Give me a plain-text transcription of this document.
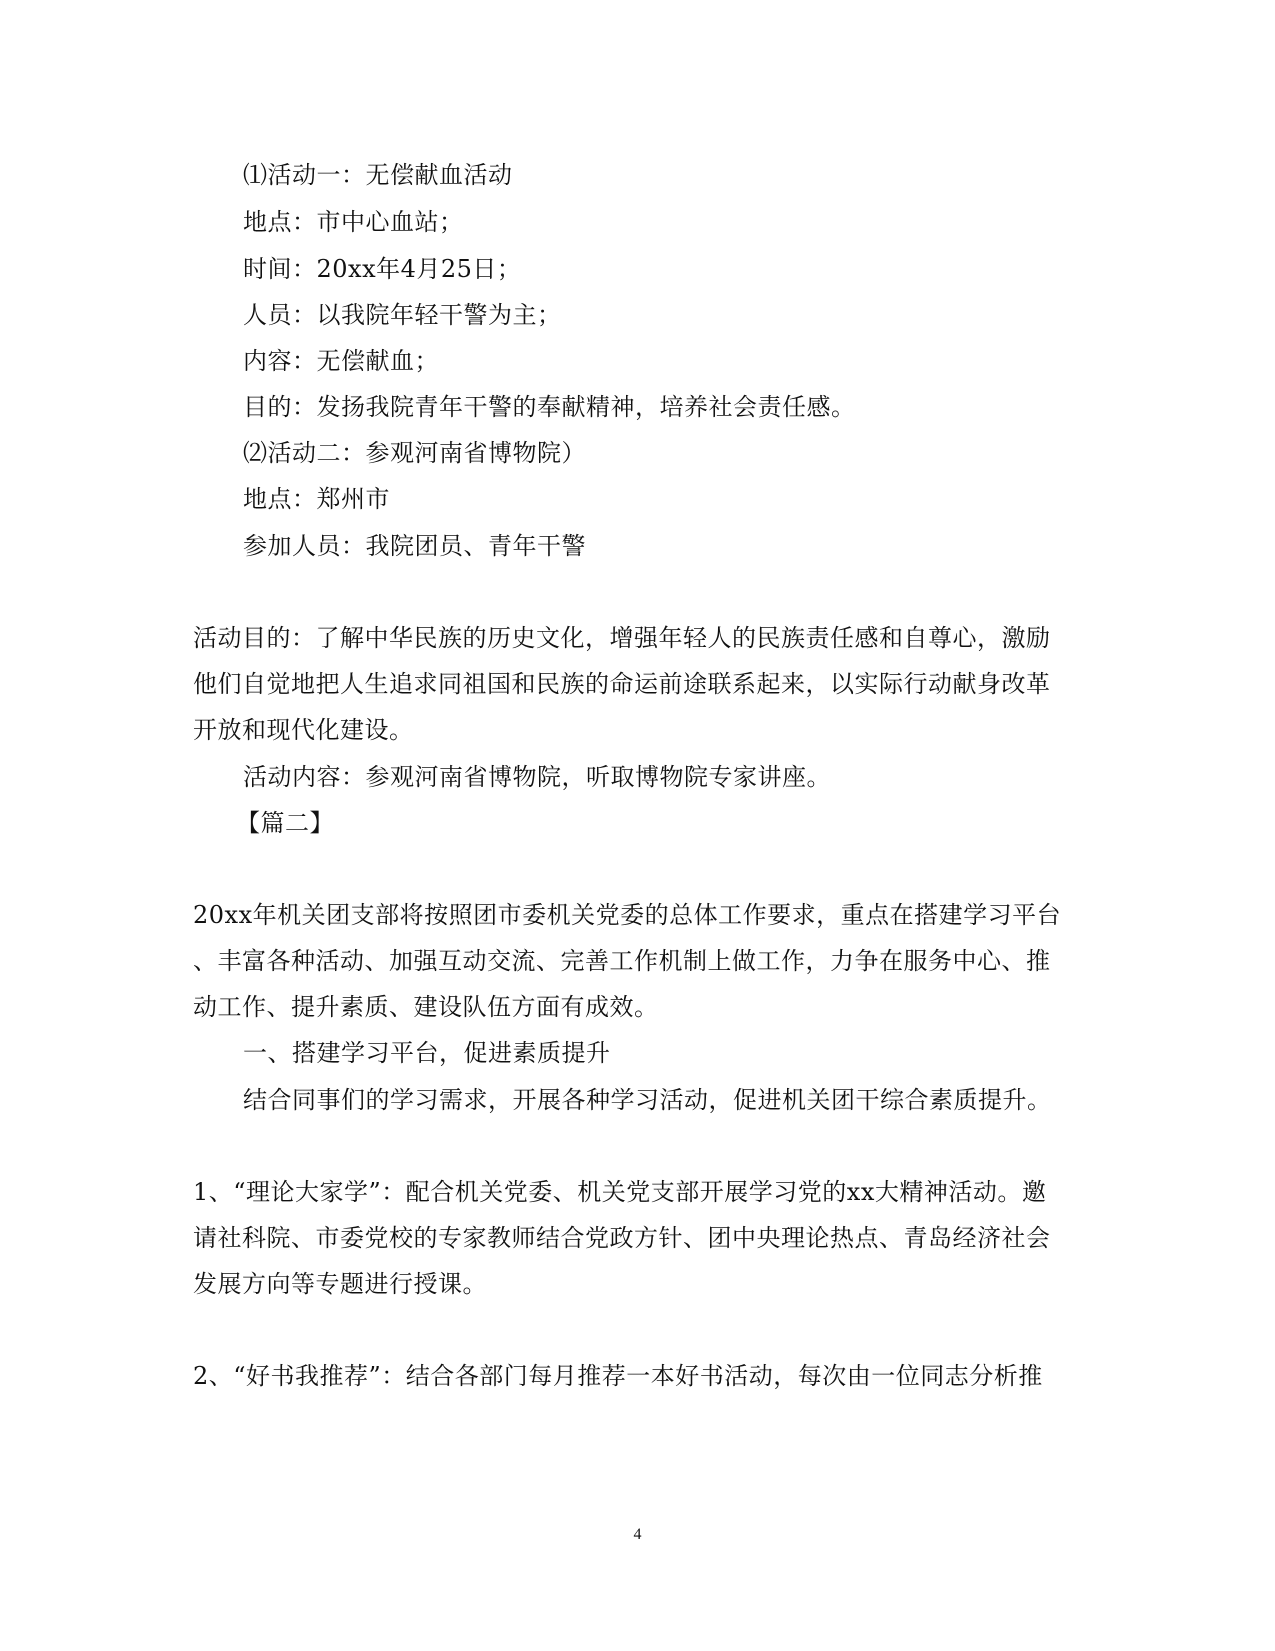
⑴活动一：无偿献血活动
地点：市中心血站；
时间：20xx年4月25日；
人员：以我院年轻干警为主；
内容：无偿献血；
目的：发扬我院青年干警的奉献精神，培养社会责任感。
⑵活动二：参观河南省博物院）
地点：郑州市
参加人员：我院团员、青年干警
活动目的：了解中华民族的历史文化，增强年轻人的民族责任感和自尊心，激励
他们自觉地把人生追求同祖国和民族的命运前途联系起来，以实际行动献身改革
开放和现代化建设。
活动内容：参观河南省博物院，听取博物院专家讲座。
【篇二】
20xx年机关团支部将按照团市委机关党委的总体工作要求，重点在搭建学习平台
、丰富各种活动、加强互动交流、完善工作机制上做工作，力争在服务中心、推
动工作、提升素质、建设队伍方面有成效。
一、搭建学习平台，促进素质提升
结合同事们的学习需求，开展各种学习活动，促进机关团干综合素质提升。
1、“理论大家学”：配合机关党委、机关党支部开展学习党的xx大精神活动。邀
请社科院、市委党校的专家教师结合党政方针、团中央理论热点、青岛经济社会
发展方向等专题进行授课。
2、“好书我推荐”：结合各部门每月推荐一本好书活动，每次由一位同志分析推
4
